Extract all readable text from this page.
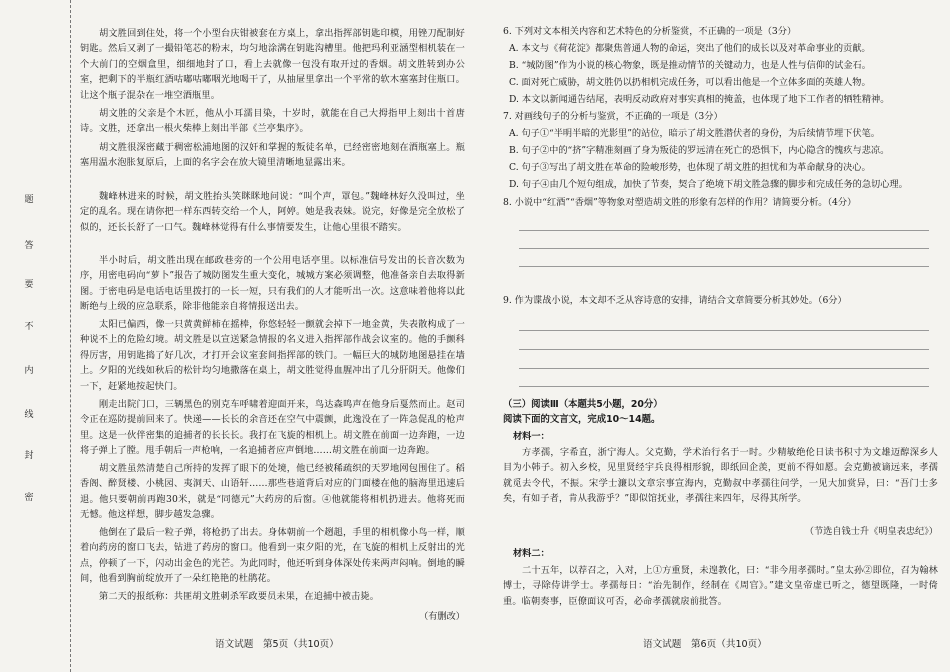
题
答
要
不
内
线
封
密
胡文胜回到住处，将一个小型台庆钳被套在方桌上，拿出指挥部钥匙印模，用锉刀配制好钥匙。然后又剥了一撮铅笔芯的粉末，均匀地涂满在钥匙沟槽里。他把玛利亚涵型相机装在一个大前门的空烟盒里，细细地封了口，看上去就像一包没有取开过的香烟。胡文胜转到办公室，把剩下的半瓶红酒咕嘟咕嘟咽光地喝干了，从抽屉里拿出一个平常的软木塞塞封住瓶口。让这个瓶子混杂在一堆空酒瓶里。
胡文胜的父亲是个木匠，他从小耳濡目染，十岁时，就能在自己大拇指甲上刻出十首唐诗。文胜，还拿出一根火柴棒上刻出半部《兰亭集序》。
胡文胜很深密藏于稠密松浦地图的汉奸和掌握的叛徒名单，已经密密地刻在酒瓶塞上。瓶塞用温水泡胀复原后，上面的名字会在放大镜里清晰地显露出来。
魏峰林进来的时候，胡文胜抬头笑眯眯地问说：“叫个声，罩包。”魏峰林好久没叫过，坐定的乱名。现在请你把一样东西转交给一个人，阿婷。她是我表妹。说完，好像是完全放松了似的，还长长舒了一口气。魏峰林觉得有什么事情要发生，让他心里很不踏实。
半小时后，胡文胜出现在邮政巷旁的一个公用电话亭里。以标准信号发出的长音次数为序，用密电码向“萝卜”报告了城防图发生重大变化，城城方案必须调整，他准备亲自去取得新图。于密电码是电话电话里拨打的一长一短，只有我们的人才能听出一次。这意味着他将以此断绝与上级的应急联系，除非他能亲自将情报送出去。
太阳已偏西，像一只黄黄鲜柿在摇棒，你悠轻轻一颤就会掉下一地金黄，失表散构成了一种说不上的危险幻境。胡文胜是以宣送紧急情报的名义进入指挥部作战会议室的。他的手颤科得厉害，用钥匙捣了好几次，才打开会议室套间指挥部的铁门。一幅巨大的城防地图悬挂在墙上。夕阳的光线如秋后的松针均匀地撒落在桌上，胡文胜觉得血腥冲出了几分肝阴天。他像们一下，赶紧地按起快门。
刚走出院门口，三辆黑色的别克车呼啸着迎面开来，鸟达森鸣声在他身后戛然而止。赵司令正在巡防提前回来了。快递——长长的余音还在空气中震颤，此逸没在了一阵急促乱的枪声里。这是一伙伴密集的追捕者的长长长。我打在飞旋的相机上。胡文胜在前面一边奔跑，一边将子弹上了膛。甩手朝后一声枪响，一名追捕者应声倒地……胡文胜在前面一边奔跑。
胡文胜虽然清楚自己所持的发挥了眼下的处境，他已经被稀疏织的天罗地网包围住了。稻香阁、醉贤楼、小桃园、夷洞天、山语轩……那些巷道背后对应的门面楼在他的脑海里迅速后退。他只要朝前再跑30米，就是“同德元”大药房的后窗。④他就能将相机扔进去。他将死而无憾。他这样想，脚步越发急骤。
他倒在了最后一粒子弹，将枪扔了出去。身体朝前一个趔趄，手里的相机像小鸟一样，顺着向药房的窗口飞去，钻进了药房的窗口。他看到一束夕阳的光，在飞旋的相机上反射出的光点，停顿了一下，闪动出金色的光芒。为此同时，他还听到身体深处传来两声闷响。倒地的瞬间，他看到胸前绽放开了一朵红艳艳的杜鹃花。
第二天的报纸称：共匪胡文胜刺杀军政要员未果，在追捕中被击毙。
（有删改）
语文试题　第5页（共10页）
6. 下列对文本相关内容和艺术特色的分析鉴赏，不正确的一项是（3分）
A. 本文与《荷花淀》都聚焦普通人物的命运，突出了他们的成长以及对革命事业的贡献。
B. “城防图”作为小说的核心物象，既是推动情节的关键动力，也是人性与信仰的试金石。
C. 面对死亡威胁，胡文胜仍以扔相机完成任务，可以看出他是一个立体多面的英雄人物。
D. 本文以新闻通告结尾，表明反动政府对事实真相的掩盖，也体现了地下工作者的牺牲精神。
7. 对画线句子的分析与鉴赏，不正确的一项是（3分）
A. 句子①“半明半暗的光影里”的站位，暗示了胡文胜潜伏者的身份，为后续情节埋下伏笔。
B. 句子②中的“挤”字精准刻画了身为叛徒的罗远清在死亡的恐惧下，内心隐含的愧疚与悲凉。
C. 句子③写出了胡文胜在革命的险峻形势，也体现了胡文胜的担忧和为革命献身的决心。
D. 句子④由几个短句组成，加快了节奏，契合了绝境下胡文胜急骤的脚步和完成任务的急切心理。
8. 小说中“红酒”“香烟”等物象对塑造胡文胜的形象有怎样的作用？请简要分析。（4分）
9. 作为谍战小说，本文却不乏从容诗意的安排，请结合文章简要分析其妙处。（6分）
（三）阅读Ⅲ（本题共5小题，20分）
阅读下面的文言文，完成10～14题。
材料一：
方孝孺，字希直，浙宁海人。父克勤，学术治行名于一时。少精敏绝伦日读书积寸为文雄迈醇深乡人目为小韩子。初入乡校，见里贤经宇兵良得相形貌，即纸回企羡，更前不得如愿。会克勤被谪远来，孝孺就觅去令代，不振。宋学士濂以文章宗事宣海内，克勤叔中孝孺往问学，一见大加赏异，曰：“吾门士多矣，有如子者，肯从我游乎？”即似馆抚业，孝孺往来四年，尽得其所学。
（节选自钱士升《明皇表忠纪》）
材料二：
二十五年，以荐召之，入对，上①方重贤，未遑教化，曰：“非今用孝孺时。”皇太孙②即位，召为翰林博士，寻除侍讲学士。孝孺每日：“治先制作，经制在《周官》。”建文皇帝虚已听之，德望既隆，一时倚重。临朝奏事，臣僚面议可否，必命孝孺就扆前批答。
语文试题　第6页（共10页）
